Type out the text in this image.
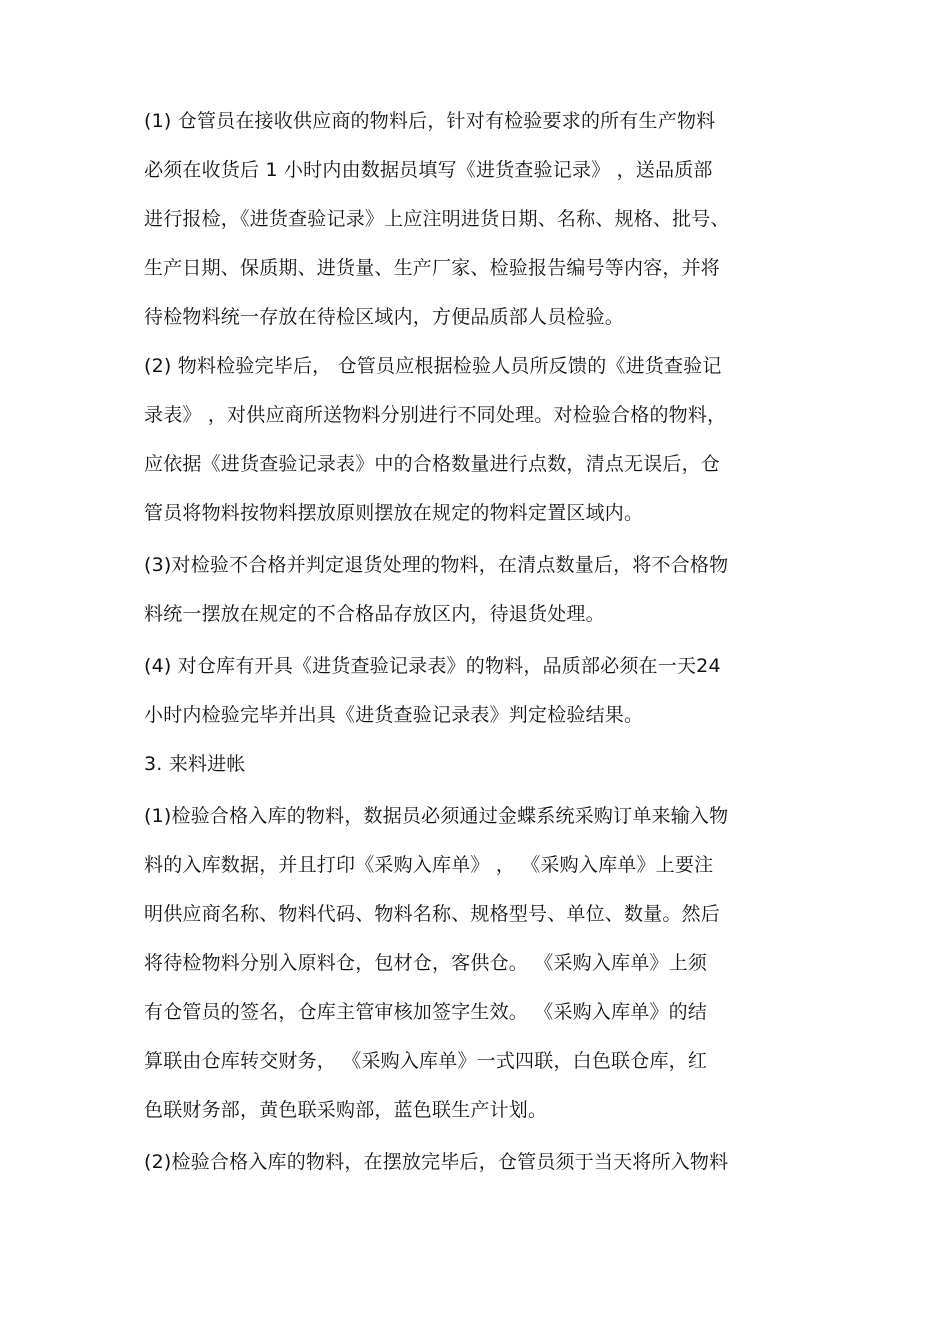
(1) 仓管员在接收供应商的物料后，针对有检验要求的所有生产物料
必须在收货后 1 小时内由数据员填写《进货查验记录》 ，送品质部
进行报检，《进货查验记录》上应注明进货日期、名称、规格、批号、
生产日期、保质期、进货量、生产厂家、检验报告编号等内容，并将
待检物料统一存放在待检区域内，方便品质部人员检验。
(2) 物料检验完毕后， 仓管员应根据检验人员所反馈的《进货查验记
录表》 ，对供应商所送物料分别进行不同处理。对检验合格的物料，
应依据《进货查验记录表》中的合格数量进行点数，清点无误后，仓
管员将物料按物料摆放原则摆放在规定的物料定置区域内。
(3)对检验不合格并判定退货处理的物料，在清点数量后，将不合格物
料统一摆放在规定的不合格品存放区内，待退货处理。
(4) 对仓库有开具《进货查验记录表》的物料，品质部必须在一天24
小时内检验完毕并出具《进货查验记录表》判定检验结果。
3. 来料进帐
(1)检验合格入库的物料，数据员必须通过金蝶系统采购订单来输入物
料的入库数据，并且打印《采购入库单》 ， 《采购入库单》上要注
明供应商名称、物料代码、物料名称、规格型号、单位、数量。然后
将待检物料分别入原料仓，包材仓，客供仓。 《采购入库单》上须
有仓管员的签名，仓库主管审核加签字生效。 《采购入库单》的结
算联由仓库转交财务， 《采购入库单》一式四联，白色联仓库，红
色联财务部，黄色联采购部，蓝色联生产计划。
(2)检验合格入库的物料，在摆放完毕后，仓管员须于当天将所入物料
